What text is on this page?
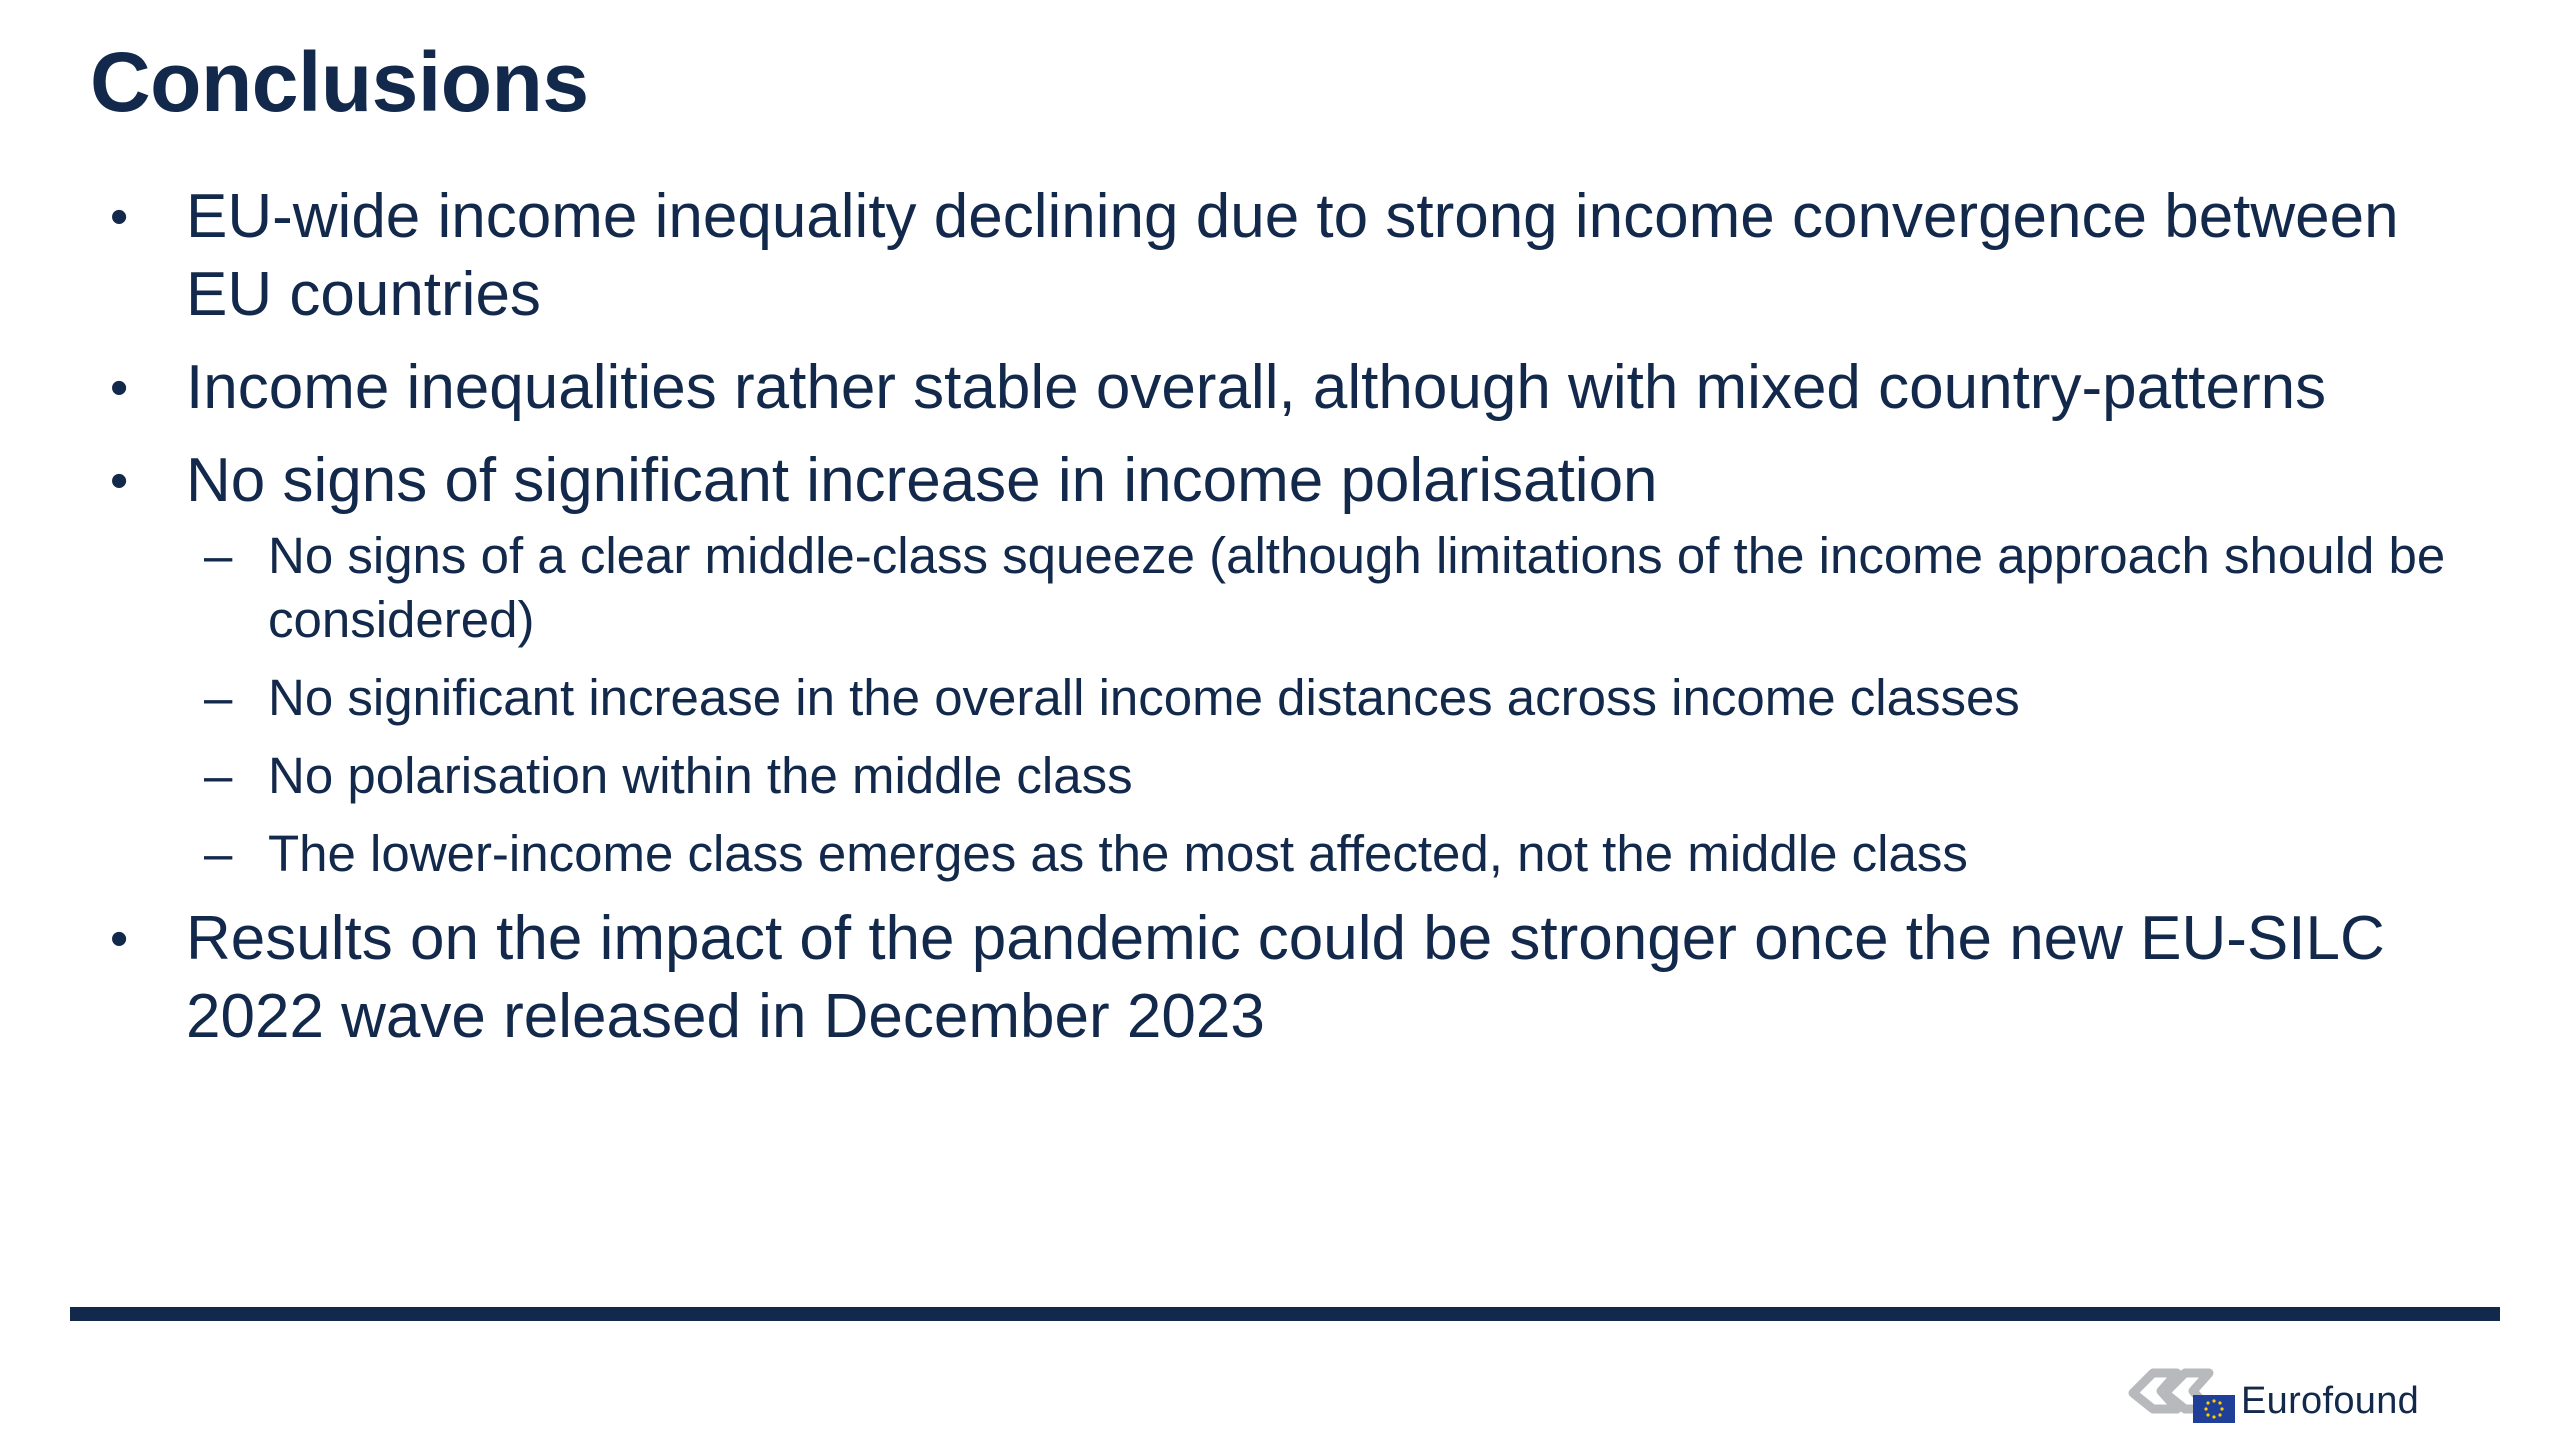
Conclusions
• EU-wide income inequality declining due to strong income convergence between EU countries
• Income inequalities rather stable overall, although with mixed country-patterns
• No signs of significant increase in income polarisation
– No signs of a clear middle-class squeeze (although limitations of the income approach should be considered)
– No significant increase in the overall income distances across income classes
– No polarisation within the middle class
– The lower-income class emerges as the most affected, not the middle class
• Results on the impact of the pandemic could be stronger once the new EU-SILC 2022 wave released in December 2023
Eurofound
